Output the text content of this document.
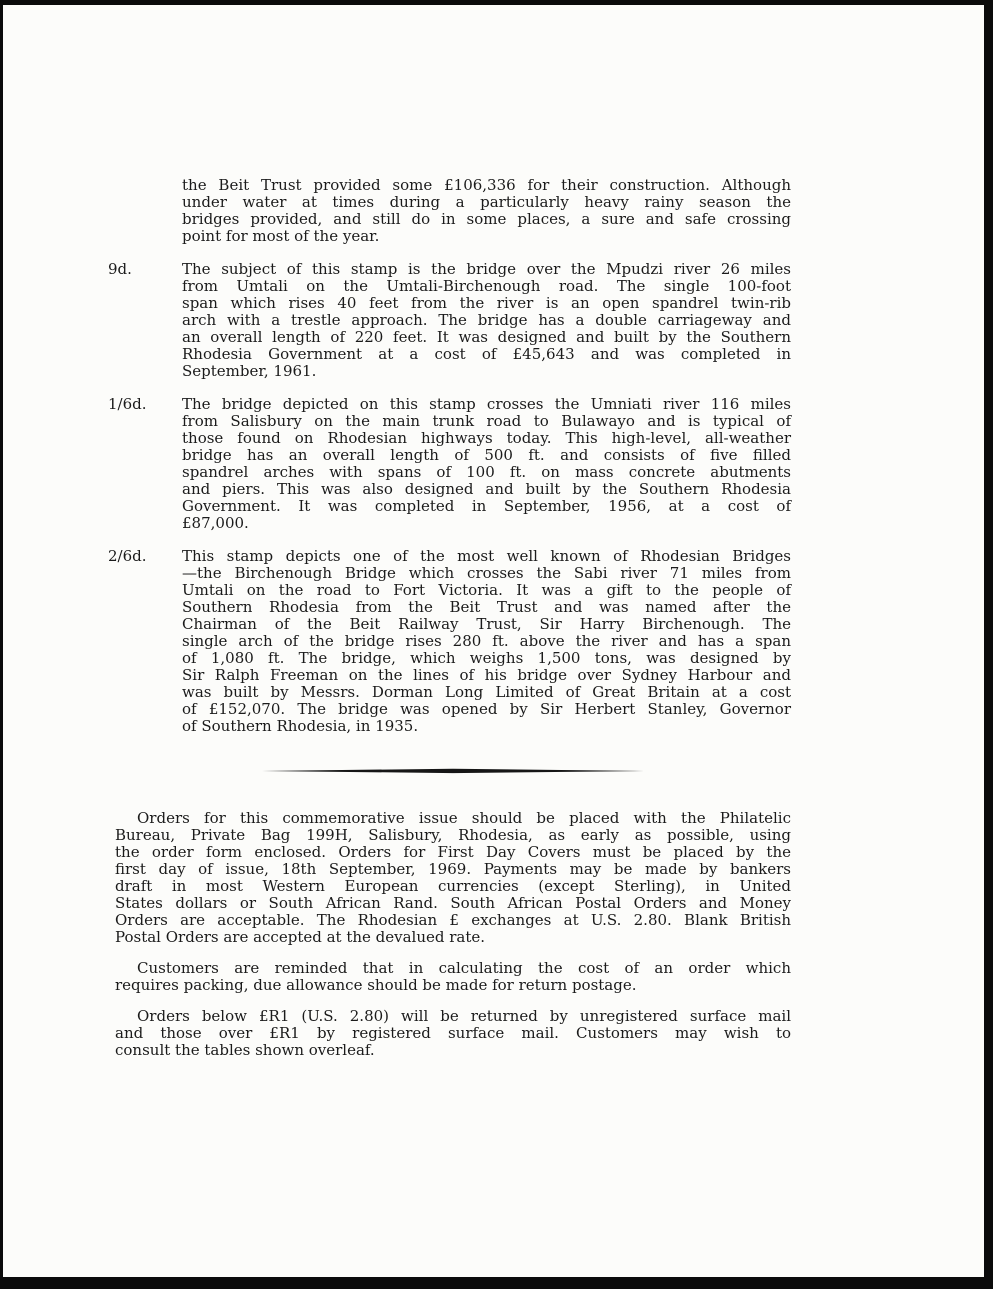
the Beit Trust provided some £106,336 for their construction. Although
under water at times during a particularly heavy rainy season the
bridges provided, and still do in some places, a sure and safe crossing
point for most of the year.
9d.	The subject of this stamp is the bridge over the Mpudzi river 26 miles
from Umtali on the Umtali-Birchenough road. The single 100-foot
span which rises 40 feet from the river is an open spandrel twin-rib
arch with a trestle approach. The bridge has a double carriageway and
an overall length of 220 feet. It was designed and built by the Southern
Rhodesia Government at a cost of £45,643 and was completed in
September, 1961.
1/6d.	The bridge depicted on this stamp crosses the Umniati river 116 miles
from Salisbury on the main trunk road to Bulawayo and is typical of
those found on Rhodesian highways today. This high-level, all-weather
bridge has an overall length of 500 ft. and consists of five filled
spandrel arches with spans of 100 ft. on mass concrete abutments
and piers. This was also designed and built by the Southern Rhodesia
Government. It was completed in September, 1956, at a cost of
£87,000.
2/6d.	This stamp depicts one of the most well known of Rhodesian Bridges
—the Birchenough Bridge which crosses the Sabi river 71 miles from
Umtali on the road to Fort Victoria. It was a gift to the people of
Southern Rhodesia from the Beit Trust and was named after the
Chairman of the Beit Railway Trust, Sir Harry Birchenough. The
single arch of the bridge rises 280 ft. above the river and has a span
of 1,080 ft. The bridge, which weighs 1,500 tons, was designed by
Sir Ralph Freeman on the lines of his bridge over Sydney Harbour and
was built by Messrs. Dorman Long Limited of Great Britain at a cost
of £152,070. The bridge was opened by Sir Herbert Stanley, Governor
of Southern Rhodesia, in 1935.
Orders for this commemorative issue should be placed with the Philatelic
Bureau, Private Bag 199H, Salisbury, Rhodesia, as early as possible, using
the order form enclosed. Orders for First Day Covers must be placed by the
first day of issue, 18th September, 1969. Payments may be made by bankers
draft in most Western European currencies (except Sterling), in United
States dollars or South African Rand. South African Postal Orders and Money
Orders are acceptable. The Rhodesian £ exchanges at U.S. 2.80. Blank British
Postal Orders are accepted at the devalued rate.
Customers are reminded that in calculating the cost of an order which
requires packing, due allowance should be made for return postage.
Orders below £R1 (U.S. 2.80) will be returned by unregistered surface mail
and those over £R1 by registered surface mail. Customers may wish to
consult the tables shown overleaf.
